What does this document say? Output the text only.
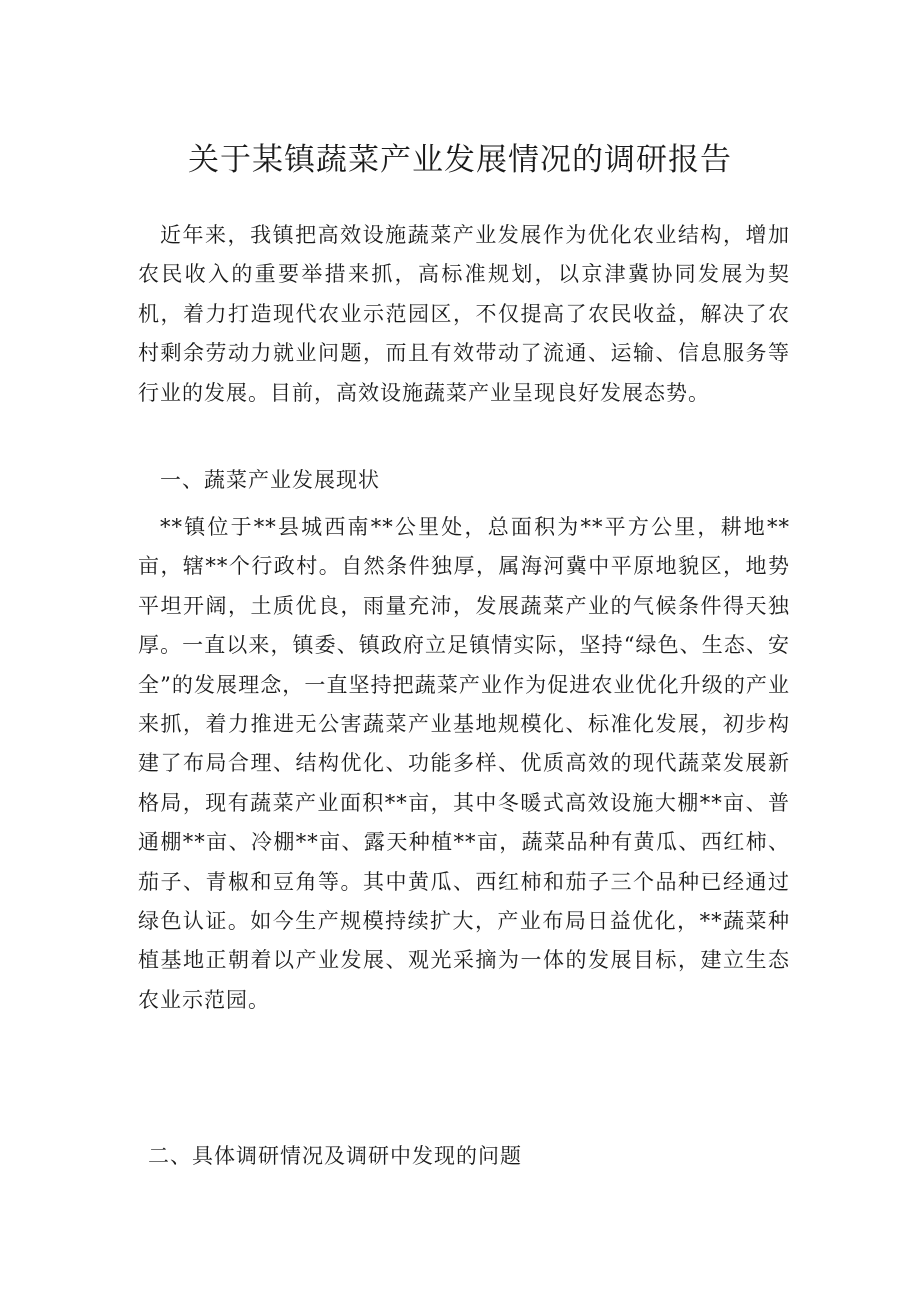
关于某镇蔬菜产业发展情况的调研报告

近年来，我镇把高效设施蔬菜产业发展作为优化农业结构，增加农民收入的重要举措来抓，高标准规划，以京津冀协同发展为契机，着力打造现代农业示范园区，不仅提高了农民收益，解决了农村剩余劳动力就业问题，而且有效带动了流通、运输、信息服务等行业的发展。目前，高效设施蔬菜产业呈现良好发展态势。

一、蔬菜产业发展现状

**镇位于**县城西南**公里处，总面积为**平方公里，耕地**亩，辖**个行政村。自然条件独厚，属海河冀中平原地貌区，地势平坦开阔，土质优良，雨量充沛，发展蔬菜产业的气候条件得天独厚。一直以来，镇委、镇政府立足镇情实际，坚持“绿色、生态、安全”的发展理念，一直坚持把蔬菜产业作为促进农业优化升级的产业来抓，着力推进无公害蔬菜产业基地规模化、标准化发展，初步构建了布局合理、结构优化、功能多样、优质高效的现代蔬菜发展新格局，现有蔬菜产业面积**亩，其中冬暖式高效设施大棚**亩、普通棚**亩、冷棚**亩、露天种植**亩，蔬菜品种有黄瓜、西红柿、茄子、青椒和豆角等。其中黄瓜、西红柿和茄子三个品种已经通过绿色认证。如今生产规模持续扩大，产业布局日益优化，**蔬菜种植基地正朝着以产业发展、观光采摘为一体的发展目标，建立生态农业示范园。

二、具体调研情况及调研中发现的问题
